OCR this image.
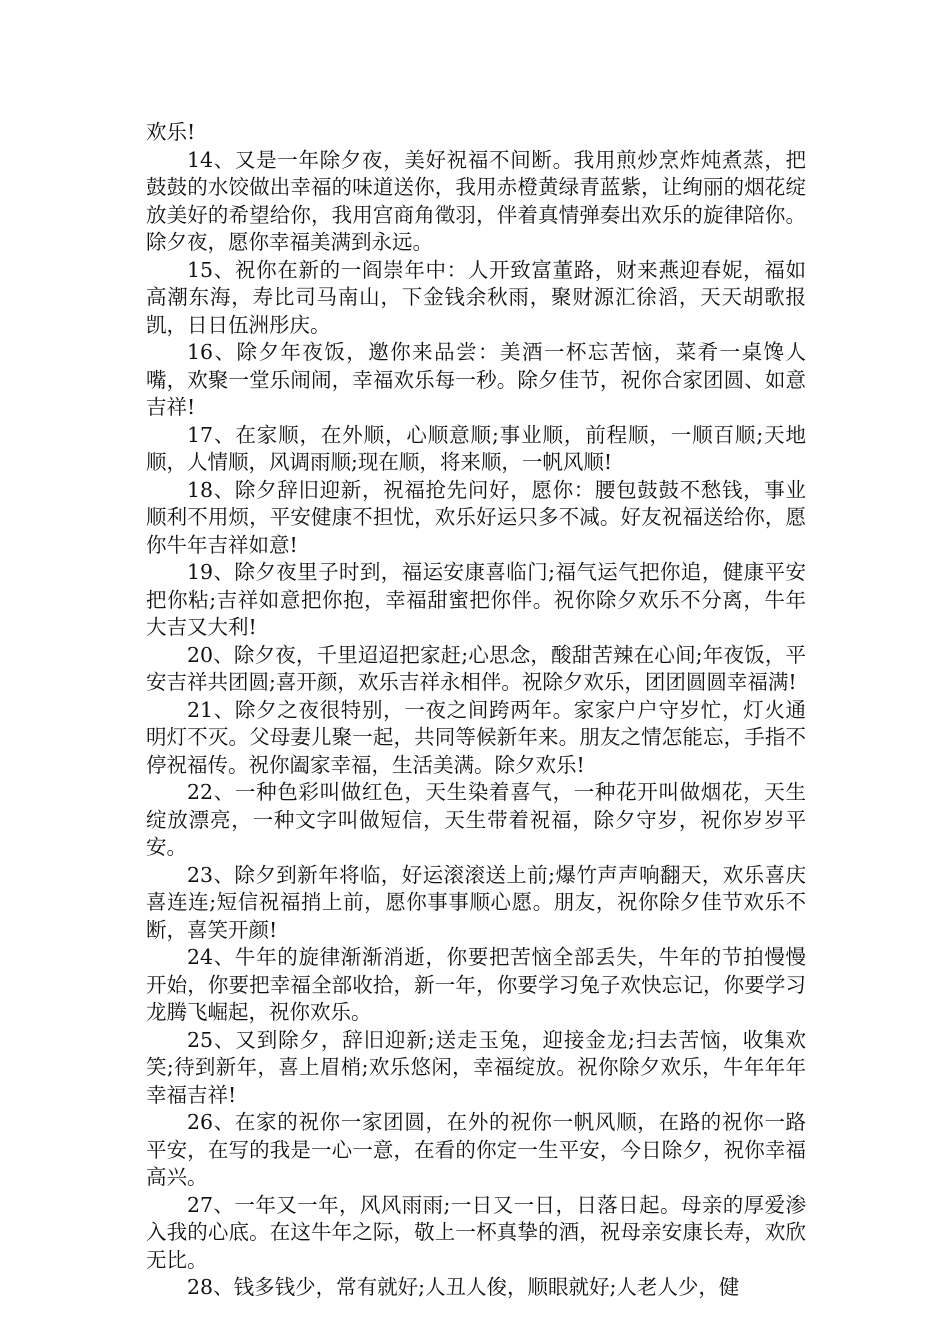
欢乐!

14、又是一年除夕夜，美好祝福不间断。我用煎炒烹炸炖煮蒸，把鼓鼓的水饺做出幸福的味道送你，我用赤橙黄绿青蓝紫，让绚丽的烟花绽放美好的希望给你，我用宫商角徵羽，伴着真情弹奏出欢乐的旋律陪你。除夕夜，愿你幸福美满到永远。

15、祝你在新的一阎崇年中：人开致富董路，财来燕迎春妮，福如高潮东海，寿比司马南山，下金钱余秋雨，聚财源汇徐滔，天天胡歌报凯，日日伍洲彤庆。

16、除夕年夜饭，邀你来品尝：美酒一杯忘苦恼，菜肴一桌馋人嘴，欢聚一堂乐闹闹，幸福欢乐每一秒。除夕佳节，祝你合家团圆、如意吉祥!

17、在家顺，在外顺，心顺意顺;事业顺，前程顺，一顺百顺;天地顺，人情顺，风调雨顺;现在顺，将来顺，一帆风顺!

18、除夕辞旧迎新，祝福抢先问好，愿你：腰包鼓鼓不愁钱，事业顺利不用烦，平安健康不担忧，欢乐好运只多不减。好友祝福送给你，愿你牛年吉祥如意!

19、除夕夜里子时到，福运安康喜临门;福气运气把你追，健康平安把你粘;吉祥如意把你抱，幸福甜蜜把你伴。祝你除夕欢乐不分离，牛年大吉又大利!

20、除夕夜，千里迢迢把家赶;心思念，酸甜苦辣在心间;年夜饭，平安吉祥共团圆;喜开颜，欢乐吉祥永相伴。祝除夕欢乐，团团圆圆幸福满!

21、除夕之夜很特别，一夜之间跨两年。家家户户守岁忙，灯火通明灯不灭。父母妻儿聚一起，共同等候新年来。朋友之情怎能忘，手指不停祝福传。祝你阖家幸福，生活美满。除夕欢乐!

22、一种色彩叫做红色，天生染着喜气，一种花开叫做烟花，天生绽放漂亮，一种文字叫做短信，天生带着祝福，除夕守岁，祝你岁岁平安。

23、除夕到新年将临，好运滚滚送上前;爆竹声声响翻天，欢乐喜庆喜连连;短信祝福捎上前，愿你事事顺心愿。朋友，祝你除夕佳节欢乐不断，喜笑开颜!

24、牛年的旋律渐渐消逝，你要把苦恼全部丢失，牛年的节拍慢慢开始，你要把幸福全部收拾，新一年，你要学习兔子欢快忘记，你要学习龙腾飞崛起，祝你欢乐。

25、又到除夕，辞旧迎新;送走玉兔，迎接金龙;扫去苦恼，收集欢笑;待到新年，喜上眉梢;欢乐悠闲，幸福绽放。祝你除夕欢乐，牛年年年幸福吉祥!

26、在家的祝你一家团圆，在外的祝你一帆风顺，在路的祝你一路平安，在写的我是一心一意，在看的你定一生平安，今日除夕，祝你幸福高兴。

27、一年又一年，风风雨雨;一日又一日，日落日起。母亲的厚爱渗入我的心底。在这牛年之际，敬上一杯真挚的酒，祝母亲安康长寿，欢欣无比。

28、钱多钱少，常有就好;人丑人俊，顺眼就好;人老人少，健
